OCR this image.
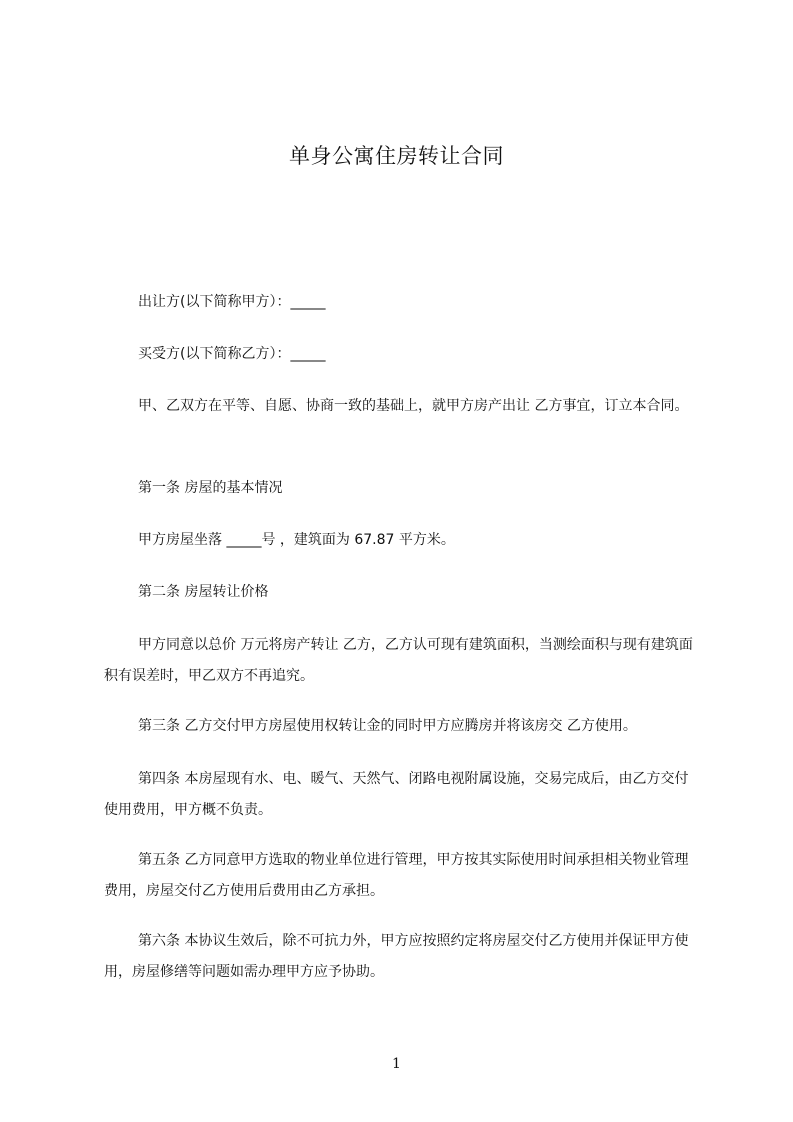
单身公寓住房转让合同
出让方(以下简称甲方）：_____
买受方(以下简称乙方）：_____
甲、乙双方在平等、自愿、协商一致的基础上，就甲方房产出让 乙方事宜，订立本合同。
第一条 房屋的基本情况
甲方房屋坐落 _____号 ，建筑面为 67.87 平方米。
第二条 房屋转让价格
甲方同意以总价 万元将房产转让 乙方，乙方认可现有建筑面积，当测绘面积与现有建筑面积有误差时，甲乙双方不再追究。
第三条 乙方交付甲方房屋使用权转让金的同时甲方应腾房并将该房交 乙方使用。
第四条 本房屋现有水、电、暖气、天然气、闭路电视附属设施，交易完成后，由乙方交付使用费用，甲方概不负责。
第五条 乙方同意甲方选取的物业单位进行管理，甲方按其实际使用时间承担相关物业管理费用，房屋交付乙方使用后费用由乙方承担。
第六条 本协议生效后，除不可抗力外，甲方应按照约定将房屋交付乙方使用并保证甲方使用，房屋修缮等问题如需办理甲方应予协助。
1
